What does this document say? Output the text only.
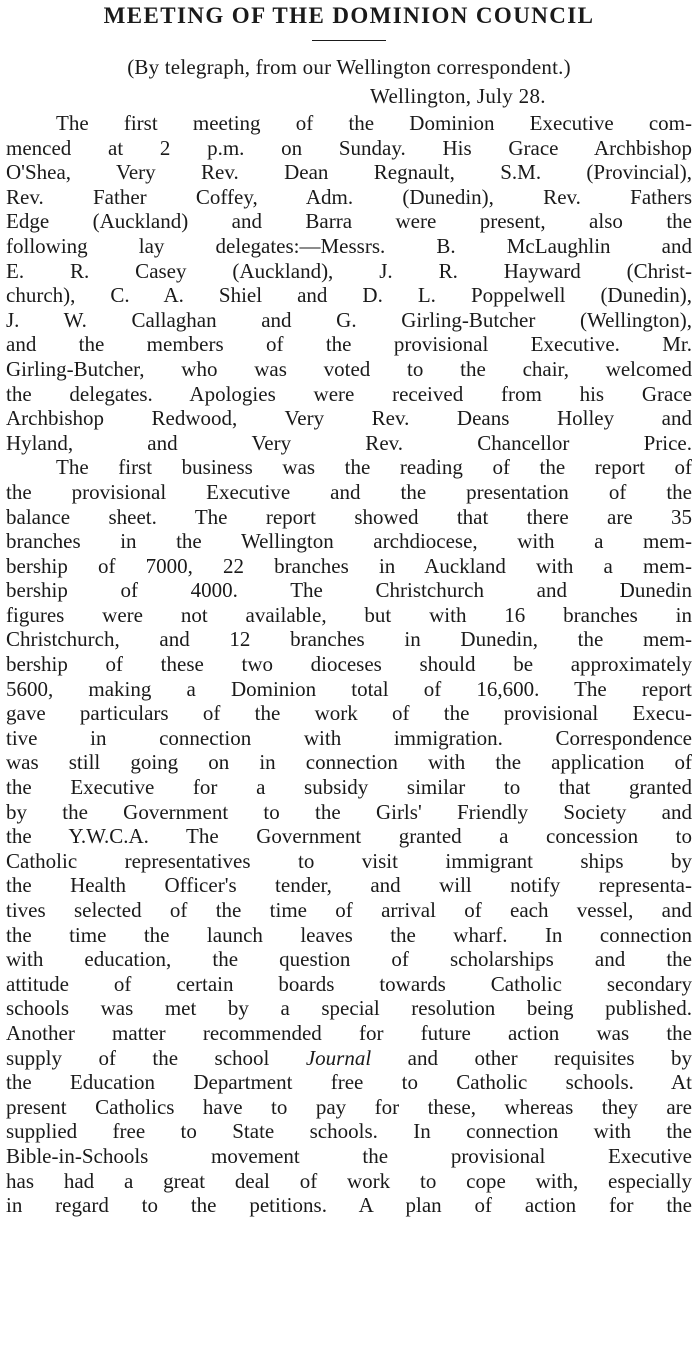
MEETING OF THE DOMINION COUNCIL

(By telegraph, from our Wellington correspondent.)

Wellington, July 28.

The first meeting of the Dominion Executive com-
menced at 2 p.m. on Sunday. His Grace Archbishop
O'Shea, Very Rev. Dean Regnault, S.M. (Provincial),
Rev. Father Coffey, Adm. (Dunedin), Rev. Fathers
Edge (Auckland) and Barra were present, also the
following lay delegates:—Messrs. B. McLaughlin and
E. R. Casey (Auckland), J. R. Hayward (Christ-
church), C. A. Shiel and D. L. Poppelwell (Dunedin),
J. W. Callaghan and G. Girling-Butcher (Wellington),
and the members of the provisional Executive. Mr.
Girling-Butcher, who was voted to the chair, welcomed
the delegates. Apologies were received from his Grace
Archbishop Redwood, Very Rev. Deans Holley and
Hyland, and Very Rev. Chancellor Price.
The first business was the reading of the report of
the provisional Executive and the presentation of the
balance sheet. The report showed that there are 35
branches in the Wellington archdiocese, with a mem-
bership of 7000, 22 branches in Auckland with a mem-
bership of 4000. The Christchurch and Dunedin
figures were not available, but with 16 branches in
Christchurch, and 12 branches in Dunedin, the mem-
bership of these two dioceses should be approximately
5600, making a Dominion total of 16,600. The report
gave particulars of the work of the provisional Execu-
tive in connection with immigration. Correspondence
was still going on in connection with the application of
the Executive for a subsidy similar to that granted
by the Government to the Girls' Friendly Society and
the Y.W.C.A. The Government granted a concession to
Catholic representatives to visit immigrant ships by
the Health Officer's tender, and will notify representa-
tives selected of the time of arrival of each vessel, and
the time the launch leaves the wharf. In connection
with education, the question of scholarships and the
attitude of certain boards towards Catholic secondary
schools was met by a special resolution being published.
Another matter recommended for future action was the
supply of the school Journal and other requisites by
the Education Department free to Catholic schools. At
present Catholics have to pay for these, whereas they are
supplied free to State schools. In connection with the
Bible-in-Schools movement the provisional Executive
has had a great deal of work to cope with, especially
in regard to the petitions. A plan of action for the
